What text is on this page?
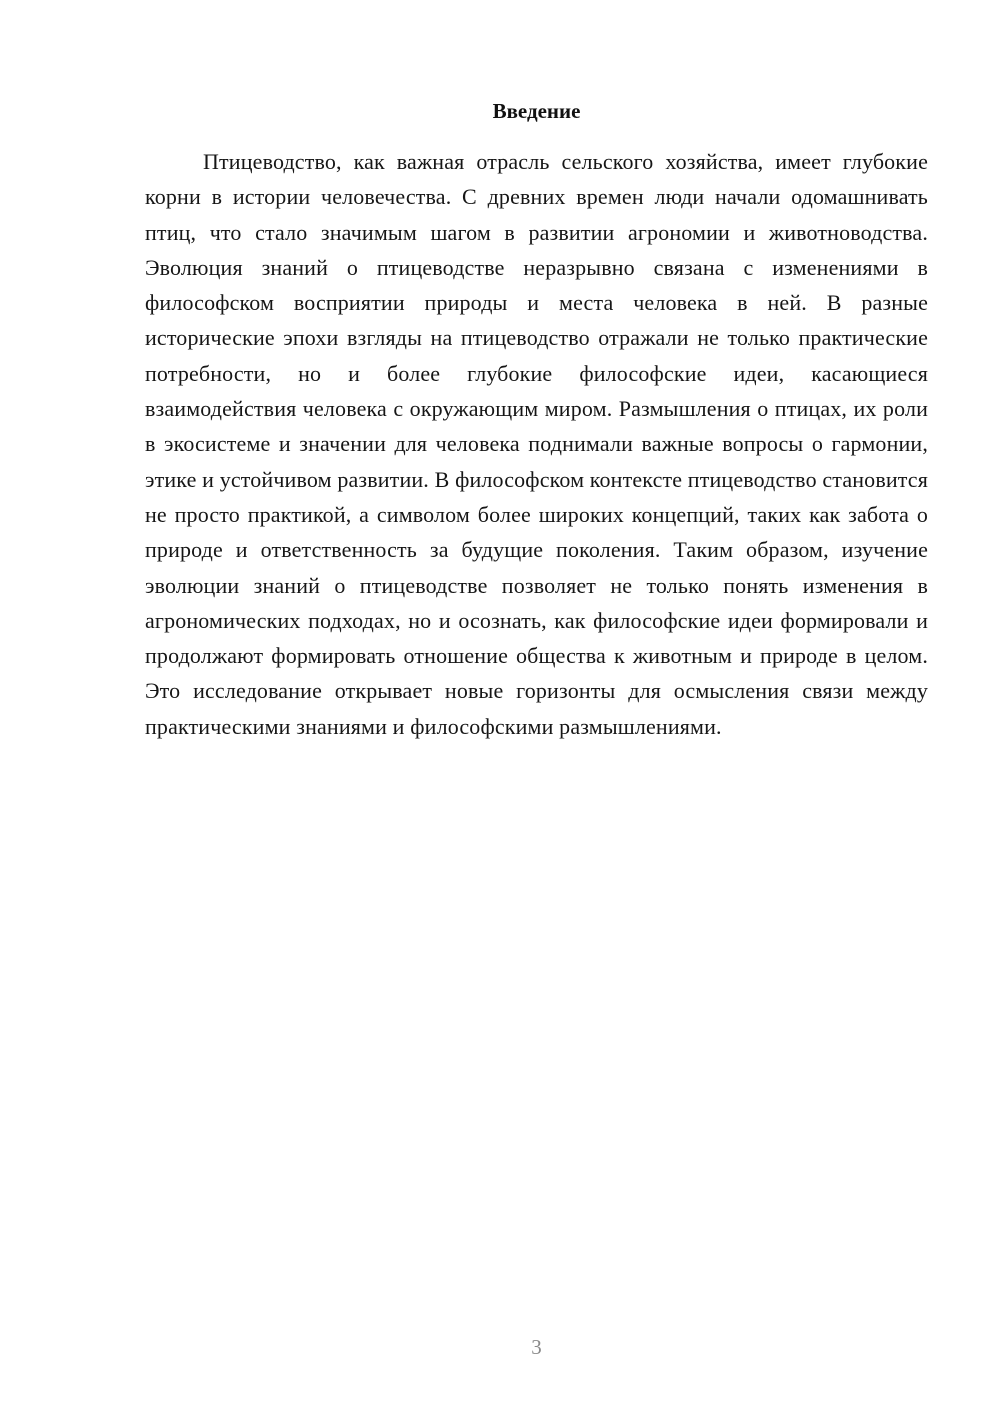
Введение

Птицеводство, как важная отрасль сельского хозяйства, имеет глубокие корни в истории человечества. С древних времен люди начали одомашнивать птиц, что стало значимым шагом в развитии агрономии и животноводства. Эволюция знаний о птицеводстве неразрывно связана с изменениями в философском восприятии природы и места человека в ней. В разные исторические эпохи взгляды на птицеводство отражали не только практические потребности, но и более глубокие философские идеи, касающиеся взаимодействия человека с окружающим миром. Размышления о птицах, их роли в экосистеме и значении для человека поднимали важные вопросы о гармонии, этике и устойчивом развитии. В философском контексте птицеводство становится не просто практикой, а символом более широких концепций, таких как забота о природе и ответственность за будущие поколения. Таким образом, изучение эволюции знаний о птицеводстве позволяет не только понять изменения в агрономических подходах, но и осознать, как философские идеи формировали и продолжают формировать отношение общества к животным и природе в целом. Это исследование открывает новые горизонты для осмысления связи между практическими знаниями и философскими размышлениями.

3
